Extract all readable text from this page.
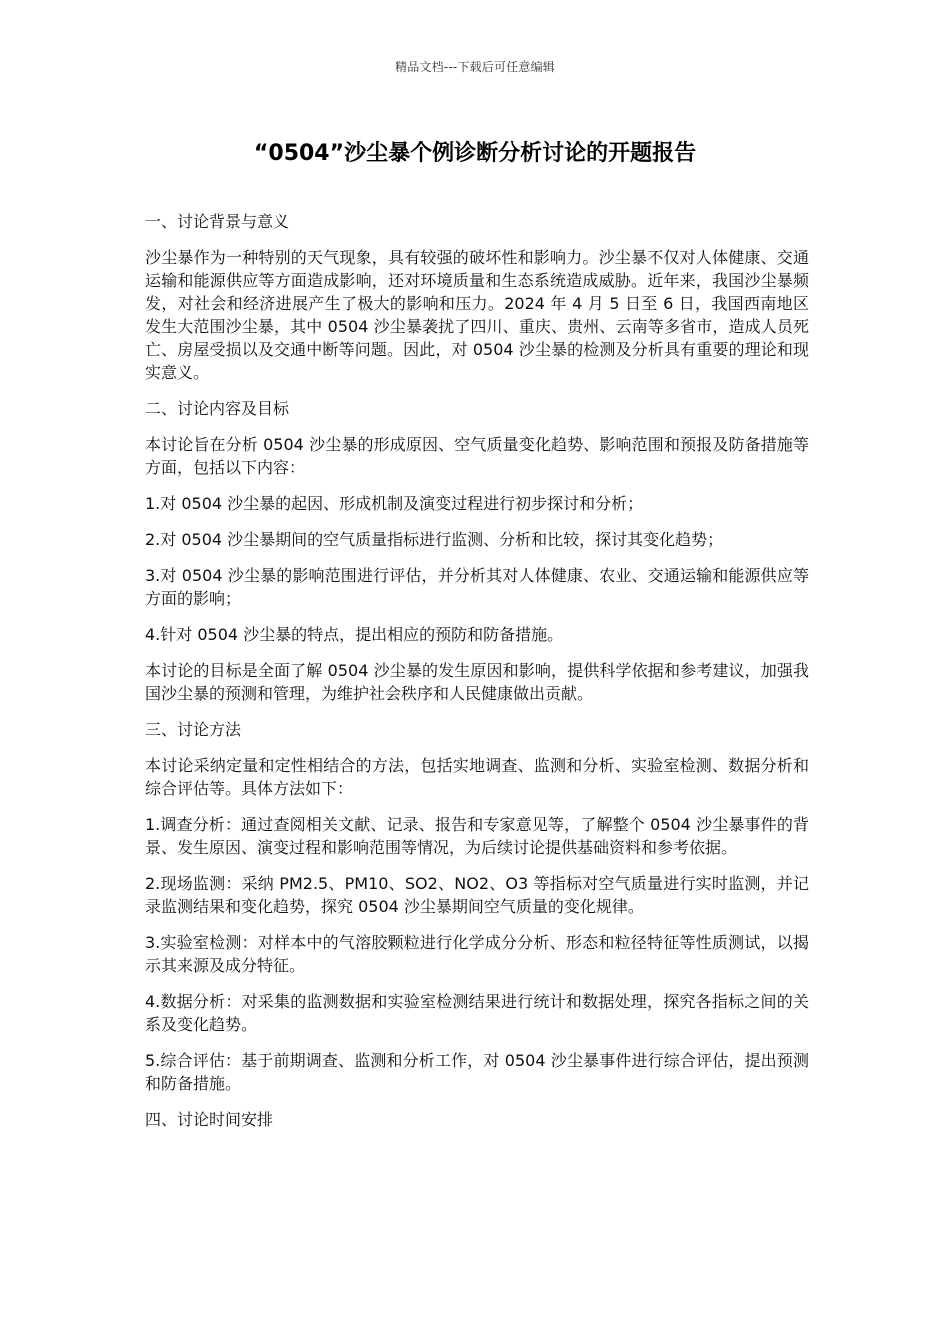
精品文档---下载后可任意编辑
“0504”沙尘暴个例诊断分析讨论的开题报告

一、讨论背景与意义

沙尘暴作为一种特别的天气现象，具有较强的破坏性和影响力。沙尘暴不仅对人体健康、交通运输和能源供应等方面造成影响，还对环境质量和生态系统造成威胁。近年来，我国沙尘暴频发，对社会和经济进展产生了极大的影响和压力。2024 年 4 月 5 日至 6 日，我国西南地区发生大范围沙尘暴，其中 0504 沙尘暴袭扰了四川、重庆、贵州、云南等多省市，造成人员死亡、房屋受损以及交通中断等问题。因此，对 0504 沙尘暴的检测及分析具有重要的理论和现实意义。

二、讨论内容及目标

本讨论旨在分析 0504 沙尘暴的形成原因、空气质量变化趋势、影响范围和预报及防备措施等方面，包括以下内容：

1.对 0504 沙尘暴的起因、形成机制及演变过程进行初步探讨和分析；

2.对 0504 沙尘暴期间的空气质量指标进行监测、分析和比较，探讨其变化趋势；

3.对 0504 沙尘暴的影响范围进行评估，并分析其对人体健康、农业、交通运输和能源供应等方面的影响；

4.针对 0504 沙尘暴的特点，提出相应的预防和防备措施。

本讨论的目标是全面了解 0504 沙尘暴的发生原因和影响，提供科学依据和参考建议，加强我国沙尘暴的预测和管理，为维护社会秩序和人民健康做出贡献。

三、讨论方法

本讨论采纳定量和定性相结合的方法，包括实地调查、监测和分析、实验室检测、数据分析和综合评估等。具体方法如下：

1.调查分析：通过查阅相关文献、记录、报告和专家意见等，了解整个 0504 沙尘暴事件的背景、发生原因、演变过程和影响范围等情况，为后续讨论提供基础资料和参考依据。

2.现场监测：采纳 PM2.5、PM10、SO2、NO2、O3 等指标对空气质量进行实时监测，并记录监测结果和变化趋势，探究 0504 沙尘暴期间空气质量的变化规律。

3.实验室检测：对样本中的气溶胶颗粒进行化学成分分析、形态和粒径特征等性质测试，以揭示其来源及成分特征。

4.数据分析：对采集的监测数据和实验室检测结果进行统计和数据处理，探究各指标之间的关系及变化趋势。

5.综合评估：基于前期调查、监测和分析工作，对 0504 沙尘暴事件进行综合评估，提出预测和防备措施。

四、讨论时间安排
